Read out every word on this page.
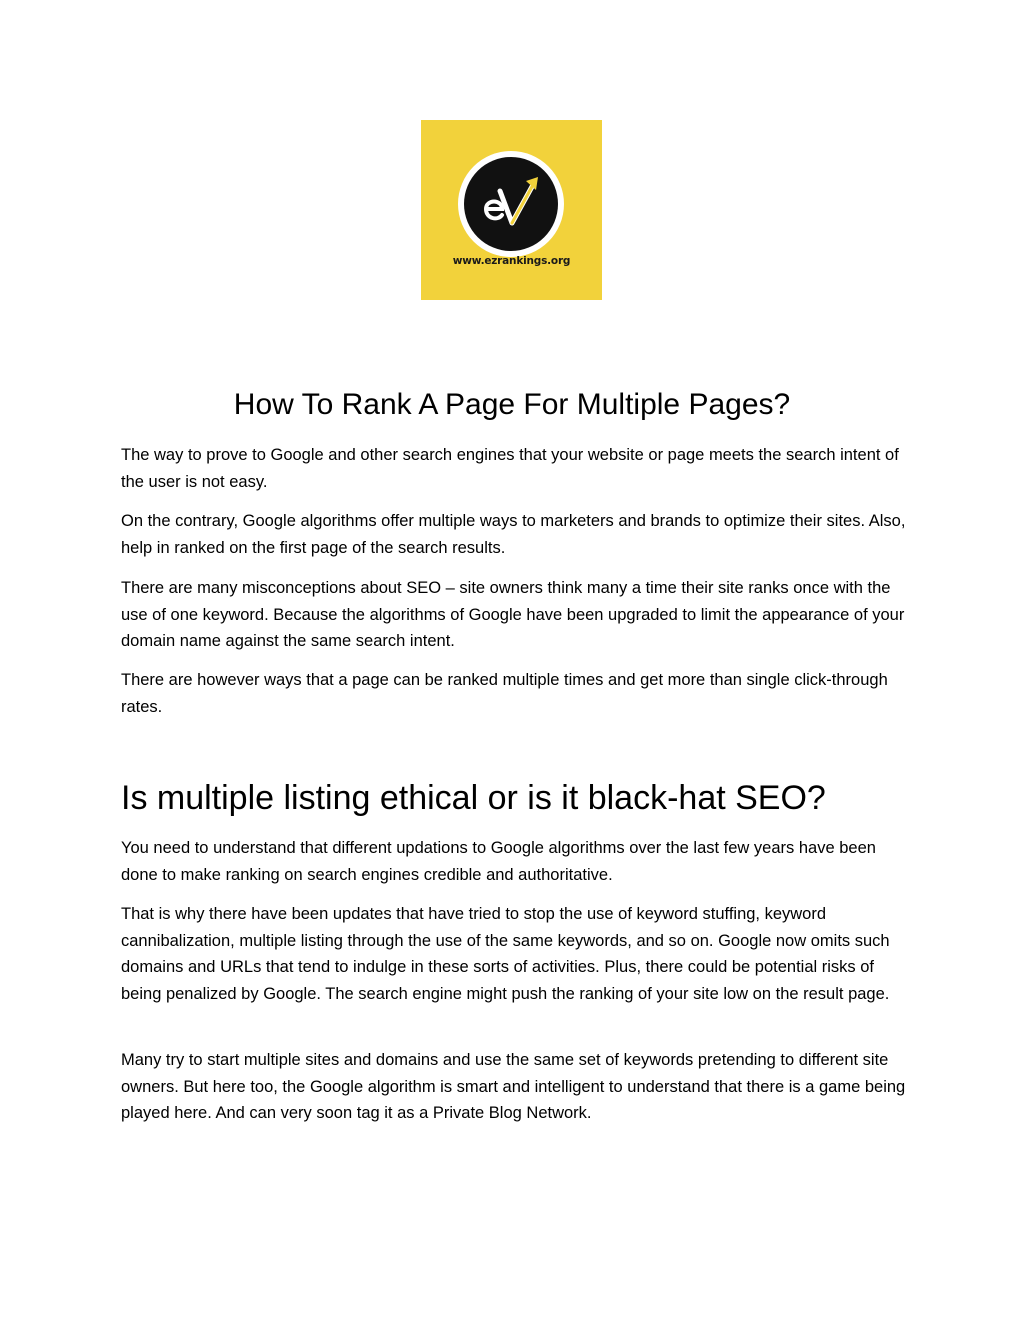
www.ezrankings.org
How To Rank A Page For Multiple Pages?

The way to prove to Google and other search engines that your website or page meets the search intent of the user is not easy.

On the contrary, Google algorithms offer multiple ways to marketers and brands to optimize their sites. Also, help in ranked on the first page of the search results.

There are many misconceptions about SEO – site owners think many a time their site ranks once with the use of one keyword. Because the algorithms of Google have been upgraded to limit the appearance of your domain name against the same search intent.

There are however ways that a page can be ranked multiple times and get more than single click-through rates.

Is multiple listing ethical or is it black-hat SEO?

You need to understand that different updations to Google algorithms over the last few years have been done to make ranking on search engines credible and authoritative.

That is why there have been updates that have tried to stop the use of keyword stuffing, keyword cannibalization, multiple listing through the use of the same keywords, and so on. Google now omits such domains and URLs that tend to indulge in these sorts of activities. Plus, there could be potential risks of being penalized by Google. The search engine might push the ranking of your site low on the result page.

Many try to start multiple sites and domains and use the same set of keywords pretending to different site owners. But here too, the Google algorithm is smart and intelligent to understand that there is a game being played here. And can very soon tag it as a Private Blog Network.
